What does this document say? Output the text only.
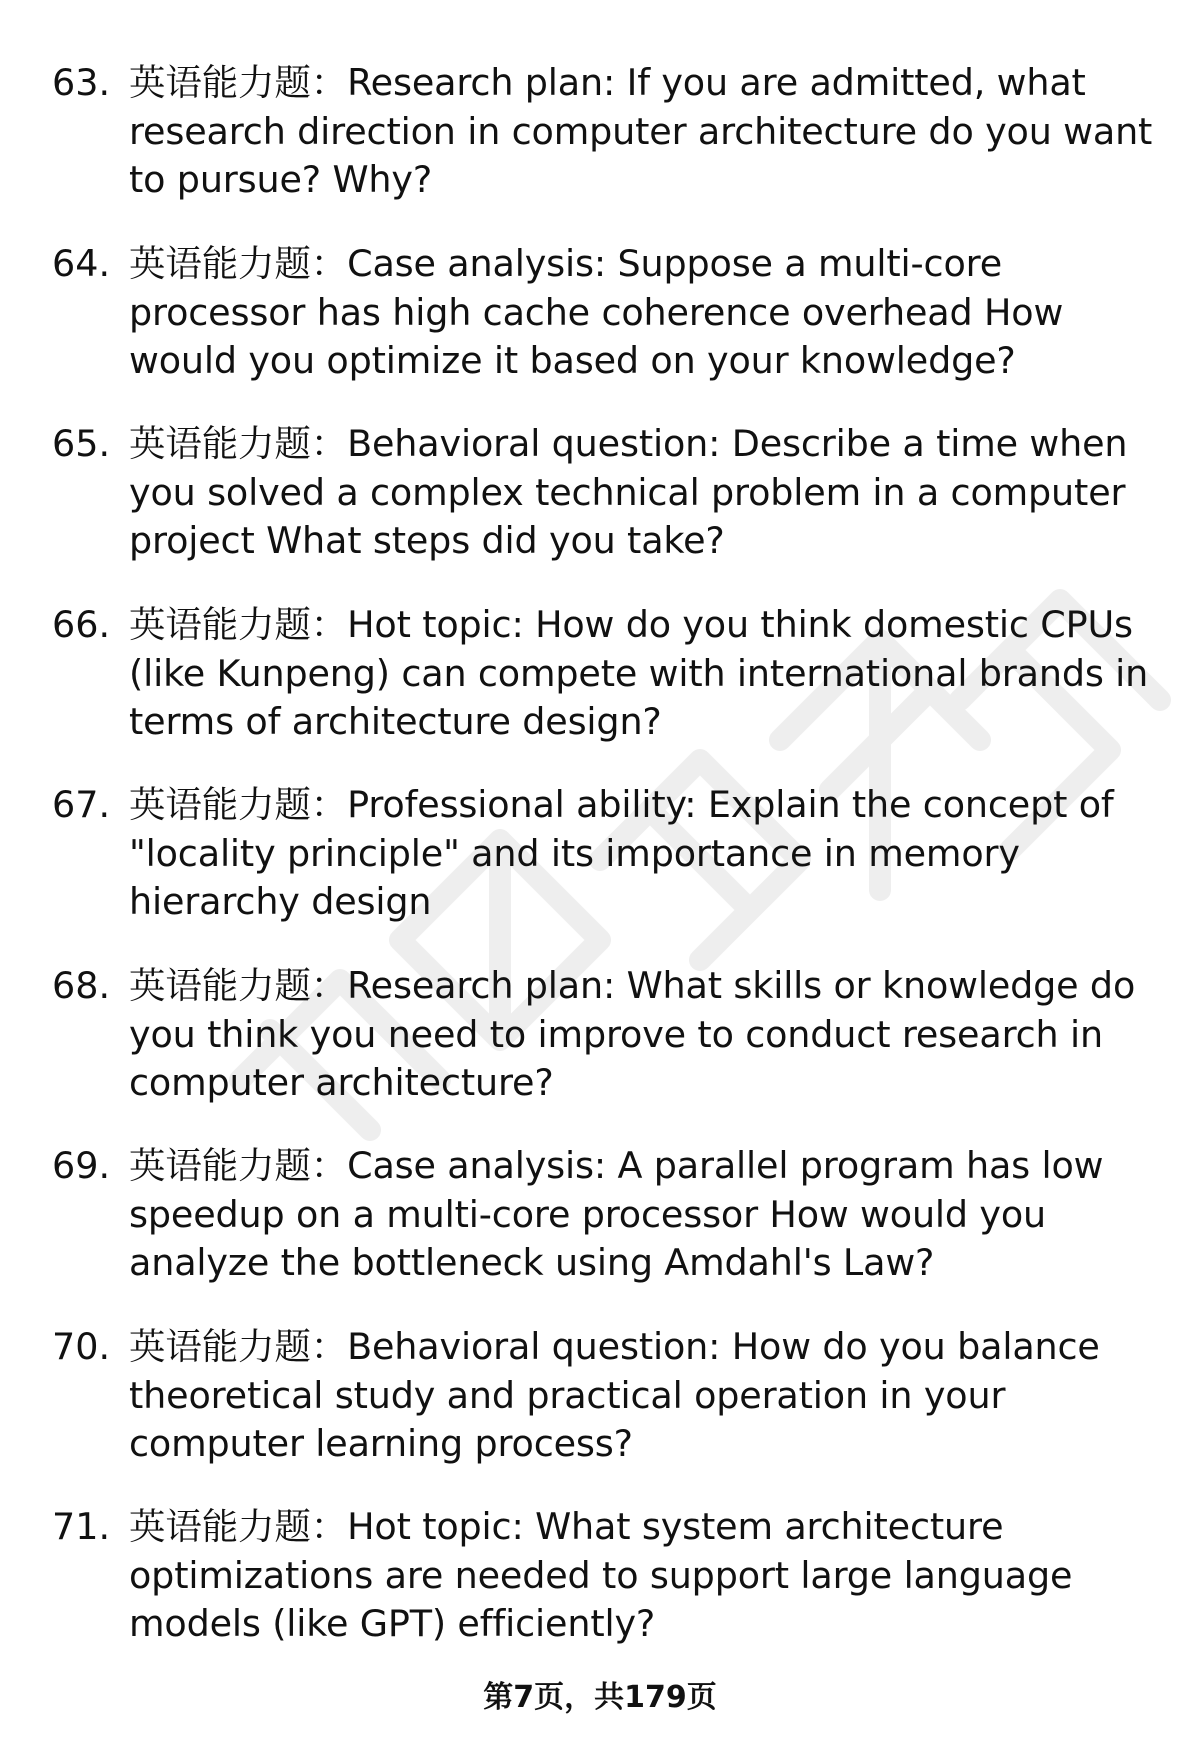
63. 英语能力题：Research plan: If you are admitted, what research direction in computer architecture do you want to pursue? Why?
64. 英语能力题：Case analysis: Suppose a multi-core processor has high cache coherence overhead How would you optimize it based on your knowledge?
65. 英语能力题：Behavioral question: Describe a time when you solved a complex technical problem in a computer project What steps did you take?
66. 英语能力题：Hot topic: How do you think domestic CPUs (like Kunpeng) can compete with international brands in terms of architecture design?
67. 英语能力题：Professional ability: Explain the concept of "locality principle" and its importance in memory hierarchy design
68. 英语能力题：Research plan: What skills or knowledge do you think you need to improve to conduct research in computer architecture?
69. 英语能力题：Case analysis: A parallel program has low speedup on a multi-core processor How would you analyze the bottleneck using Amdahl's Law?
70. 英语能力题：Behavioral question: How do you balance theoretical study and practical operation in your computer learning process?
71. 英语能力题：Hot topic: What system architecture optimizations are needed to support large language models (like GPT) efficiently?
第7页，共179页
